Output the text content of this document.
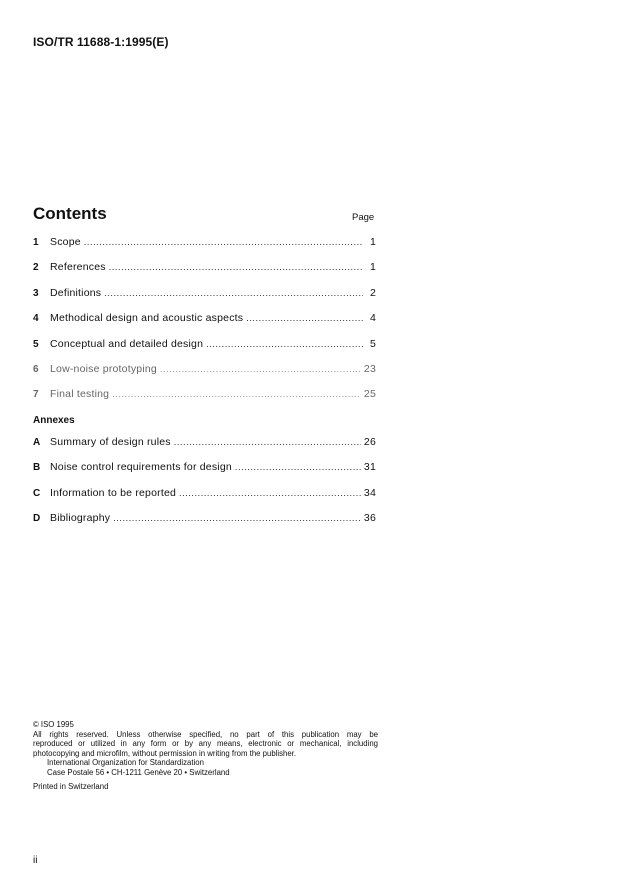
ISO/TR 11688-1:1995(E)
Contents	Page
1	Scope .....	1
2	References .....	1
3	Definitions .....	2
4	Methodical design and acoustic aspects .....	4
5	Conceptual and detailed design .....	5
6	Low-noise prototyping .....	23
7	Final testing .....	25
Annexes
A Summary of design rules .....	26
B Noise control requirements for design .....	31
C Information to be reported .....	34
D Bibliography .....	36
© ISO 1995
All rights reserved. Unless otherwise specified, no part of this publication may be
reproduced or utilized in any form or by any means, electronic or mechanical, including
photocopying and microfilm, without permission in writing from the publisher.
International Organization for Standardization
Case Postale 56 • CH-1211 Genève 20 • Switzerland
Printed in Switzerland
ii
